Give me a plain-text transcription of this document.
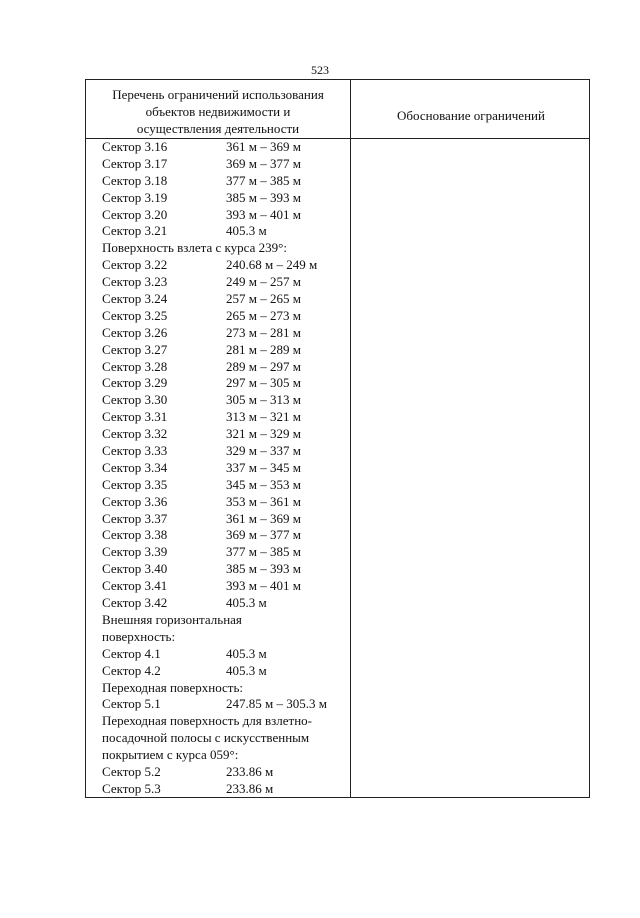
523
Перечень ограничений использования
объектов недвижимости и
осуществления деятельности
Обоснование ограничений
Сектор 3.16	361 м – 369 м
Сектор 3.17	369 м – 377 м
Сектор 3.18	377 м – 385 м
Сектор 3.19	385 м – 393 м
Сектор 3.20	393 м – 401 м
Сектор 3.21	405.3 м
Поверхность взлета с курса 239°:
Сектор 3.22	240.68 м – 249 м
Сектор 3.23	249 м – 257 м
Сектор 3.24	257 м – 265 м
Сектор 3.25	265 м – 273 м
Сектор 3.26	273 м – 281 м
Сектор 3.27	281 м – 289 м
Сектор 3.28	289 м – 297 м
Сектор 3.29	297 м – 305 м
Сектор 3.30	305 м – 313 м
Сектор 3.31	313 м – 321 м
Сектор 3.32	321 м – 329 м
Сектор 3.33	329 м – 337 м
Сектор 3.34	337 м – 345 м
Сектор 3.35	345 м – 353 м
Сектор 3.36	353 м – 361 м
Сектор 3.37	361 м – 369 м
Сектор 3.38	369 м – 377 м
Сектор 3.39	377 м – 385 м
Сектор 3.40	385 м – 393 м
Сектор 3.41	393 м – 401 м
Сектор 3.42	405.3 м
Внешняя горизонтальная
поверхность:
Сектор 4.1	405.3 м
Сектор 4.2	405.3 м
Переходная поверхность:
Сектор 5.1	247.85 м – 305.3 м
Переходная поверхность для взлетно-
посадочной полосы с искусственным
покрытием с курса 059°:
Сектор 5.2	233.86 м
Сектор 5.3	233.86 м
